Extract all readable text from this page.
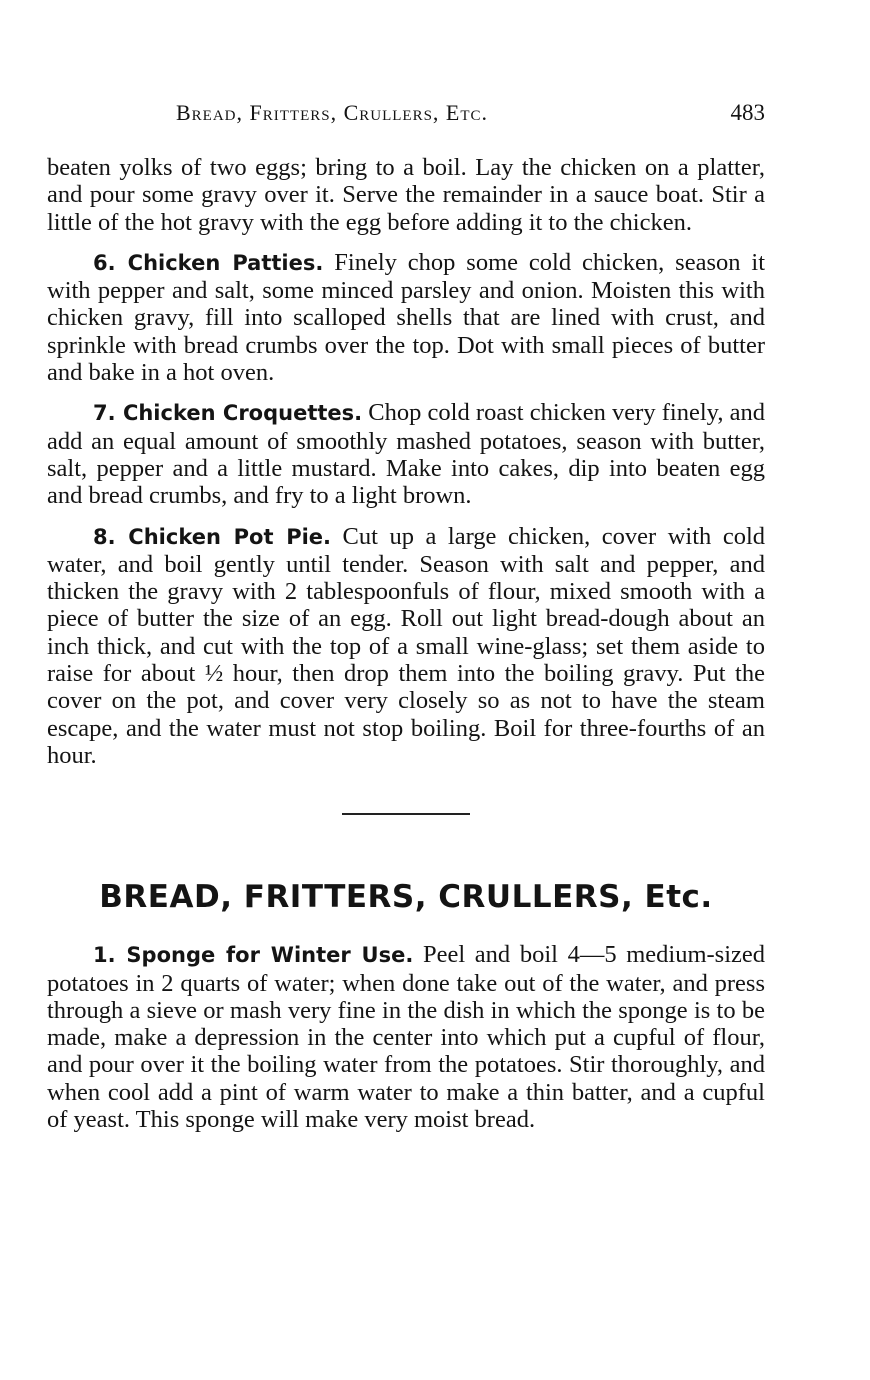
Bread, Fritters, Crullers, Etc.	483

beaten yolks of two eggs; bring to a boil. Lay the chicken on a platter, and pour some gravy over it. Serve the remainder in a sauce boat. Stir a little of the hot gravy with the egg before adding it to the chicken.

6. Chicken Patties. Finely chop some cold chicken, season it with pepper and salt, some minced parsley and onion. Moisten this with chicken gravy, fill into scalloped shells that are lined with crust, and sprinkle with bread crumbs over the top. Dot with small pieces of butter and bake in a hot oven.

7. Chicken Croquettes. Chop cold roast chicken very finely, and add an equal amount of smoothly mashed potatoes, season with butter, salt, pepper and a little mustard. Make into cakes, dip into beaten egg and bread crumbs, and fry to a light brown.

8. Chicken Pot Pie. Cut up a large chicken, cover with cold water, and boil gently until tender. Season with salt and pepper, and thicken the gravy with 2 tablespoonfuls of flour, mixed smooth with a piece of butter the size of an egg. Roll out light bread-dough about an inch thick, and cut with the top of a small wine-glass; set them aside to raise for about ½ hour, then drop them into the boiling gravy. Put the cover on the pot, and cover very closely so as not to have the steam escape, and the water must not stop boiling. Boil for three-fourths of an hour.

BREAD, FRITTERS, CRULLERS, Etc.

1. Sponge for Winter Use. Peel and boil 4—5 medium-sized potatoes in 2 quarts of water; when done take out of the water, and press through a sieve or mash very fine in the dish in which the sponge is to be made, make a depression in the center into which put a cupful of flour, and pour over it the boiling water from the potatoes. Stir thoroughly, and when cool add a pint of warm water to make a thin batter, and a cupful of yeast. This sponge will make very moist bread.
